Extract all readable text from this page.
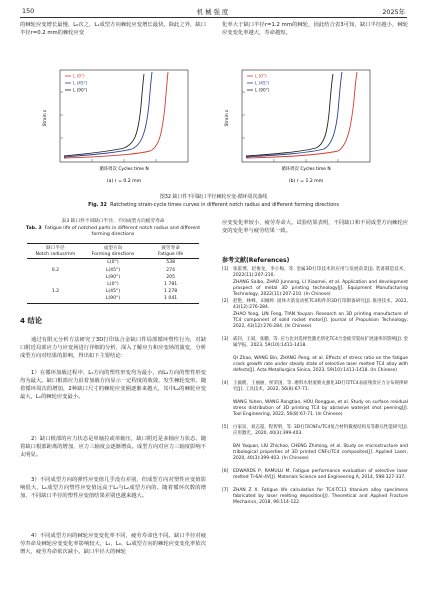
150	机械强度	2025年

的棘轮应变增长最慢，L₀次之，L₁成型方向棘轮应变增长最快。除此之外，缺口半径r=0.2 mm的棘轮应变

化率大于缺口半径r=1.2 mm的棘轮，因此结合表3可知，缺口半径越小，棘轮应变变化率越大，寿命越短。

Strain ε
循环周次 Cycles time N
L (0°)
L (45°)
L (90°)
(a) r = 0.2 mm
Strain ε
循环周次 Cycles time N
L (0°)
L (45°)
L (90°)
(b) r = 1.2 mm
图32 缺口件不同缺口半径棘轮应变-循环周次曲线
Fig. 32 Ratcheting strain-cycle times curves in different notch radius and different forming directions
表3 缺口件不同缺口半径、不同成型方向疲劳寿命
Tab. 3 Fatigue life of notched parts in different notch radius and different forming directions
缺口半径	成型方向	疲劳寿命
Notch radius/mm	Forming directions	Fatigue life
0.2	L(0°)	538
	L(45°)	274
	L(90°)	205
1.2	L(0°)	1 781
	L(45°)	1 278
	L(90°)	1 041
4 结论

通过有限元分析方法研究了3D打印钛合金缺口件局部循环塑性行为，对缺口附近局部应力与应变场进行详细的分析，深入了解应力和应变场的演变，分析成型方向对结果的影响，得出如下主要结论：

1）在循环加载过程中，L₁方向的塑性形变均为最小，而L₂方向的塑性形变均为最大。缺口根部应力沿着加载方向显示一定程度的收敛，发生棘轮变形。随着循环周次的增加，2种缺口尺寸的棘轮应变圈逐渐来越大，其中L₂的棘轮应变最大，L₁的棘轮应变最小。

2）缺口根部的应力状态是单轴拉或单轴压，缺口附近是多轴应力状态。随着缺口根部距离的增加，应力三轴度会逐渐增高。成型方向对应力三轴度影响不太明显。

3）不同成型方向的弹性应变值几乎没有差别，但成型方向对塑性应变值影响很大，L₁成型方向塑性应变值远高于L₁与L₂成型方向的。随着循环次数的增加，不同缺口半径的塑性应变值结果差别也越来越大。

4）不同成型方向的棘轮应变变化率不同，疲劳寿命也不同。缺口半径对疲劳寿命及棘轮应变变化率影响较大，L₁、L₀、L₂成型方向的棘轮应变变化率依次增大，疲劳寿命依次减小。缺口半径大的棘轮

应变变化率较小，疲劳寿命大。试验结果表明，不同缺口和不同成型方向棘轮应变的变化率与疲劳结果一致。

参考文献(References)
[1] 张霍博，赵俊龙，李小梅，等. 金属3D打印技术的应用与发展前景[J]. 装备制造技术，2022(11):207-210.
ZHANG Saibo, ZHAO Junnong, LI Xiaomei, et al. Application and development prospect of metal 3D printing technology[J]. Equipment Manufacturing Technology, 2022(11):207-210. (In Chinese)
[2] 赵艳，林峰，田倾婷. 固体火箭发动机TC4构件的3D打印制备研究[J]. 推进技术，2022, 43(12):276-284.
ZHAO Yong, LIN Feng, TIAN Youyan. Research on 3D printing manufacture of TC4 component of solid rocket motor[J]. Journal of Propulsion Technology, 2022, 43(12):276-284. (In Chinese)
[3] 戚钊，王斌，张鹏，等. 应力比对选择性激光熔化TC4合金疲劳裂纹扩展速率的影响[J]. 金属学报，2023, 59(10):1411-1418.
QI Zhao, WANG Bin, ZHANG Peng, et al. Effects of stress ratio on the fatigue crack growth rate under steady state of selective laser melted TC4 alloy with defects[J]. Acta Metallurgica Sinica, 2023, 59(10):1411-1418. (In Chinese)
[4] 王毅鹤，王丽丽，侯荣国，等. 磨料水射流喷丸强化3D打印TC4表面残余应力分布规律研究[J]. 工具技术，2022, 56(8):67-71.
WANG Yuhen, WANG Rongtian, HOU Rongguo, et al. Study on surface residual stress distribution of 3D printing TC4 by abrasive waterjet shot peening[J]. Tool Engineering, 2022, 56(8):67-71. (In Chinese)
[5] 白家泉，刘志超，程智明，等. 3D打印CNFs/TC4复合材料微观结构及等静压性能研究[J]. 应用激光，2020, 40(3):399-403.
BAI Yaquan, LIU Zhichao, CHENG Zhiming, et al. Study on microstructure and tribological properties of 3D printed CNFs/TC4 composites[J]. Applied Laser, 2020, 40(3):399-403. (In Chinese)
[6] EDWARDS P, RAMULU M. Fatigue performance evaluation of selective laser melted Ti-6Al-4V[J]. Materials Science and Engineering A, 2014, 598:327-337.
[7] ZHAN Z X. Fatigue life calculation for TC4-TC11 titanium alloy specimens fabricated by laser melting deposition[J]. Theoretical and Applied Fracture Mechanics, 2018, 96:114-122.
